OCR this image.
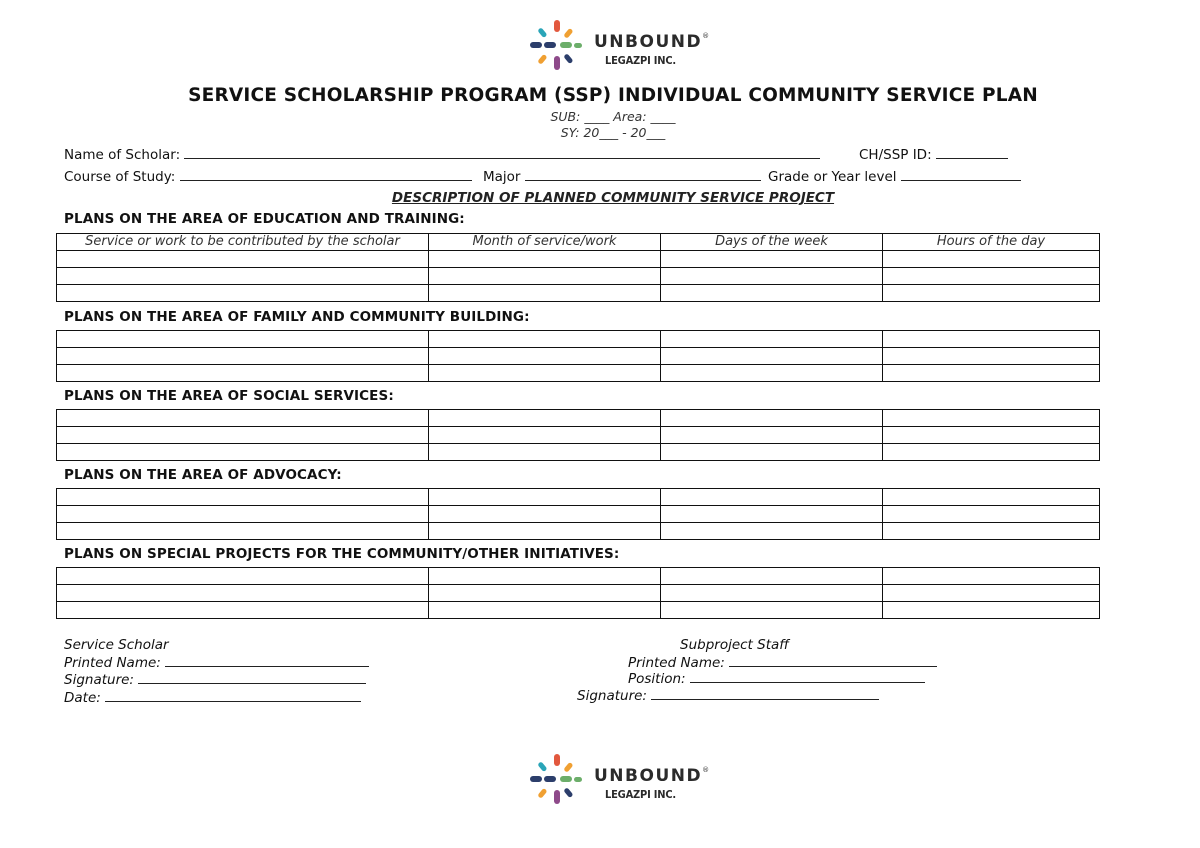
UNBOUND®
LEGAZPI INC.
SERVICE SCHOLARSHIP PROGRAM (SSP) INDIVIDUAL COMMUNITY SERVICE PLAN
SUB: ____ Area: ____
SY: 20___ - 20___
Name of Scholar:	CH/SSP ID:
Course of Study:	Major	Grade or Year level
DESCRIPTION OF PLANNED COMMUNITY SERVICE PROJECT
PLANS ON THE AREA OF EDUCATION AND TRAINING:
Service or work to be contributed by the scholar	Month of service/work	Days of the week	Hours of the day

PLANS ON THE AREA OF FAMILY AND COMMUNITY BUILDING:

PLANS ON THE AREA OF SOCIAL SERVICES:

PLANS ON THE AREA OF ADVOCACY:

PLANS ON SPECIAL PROJECTS FOR THE COMMUNITY/OTHER INITIATIVES:

Service Scholar
Printed Name:
Signature:
Date:
Subproject Staff
Printed Name:
Position:
Signature:
UNBOUND®
LEGAZPI INC.
